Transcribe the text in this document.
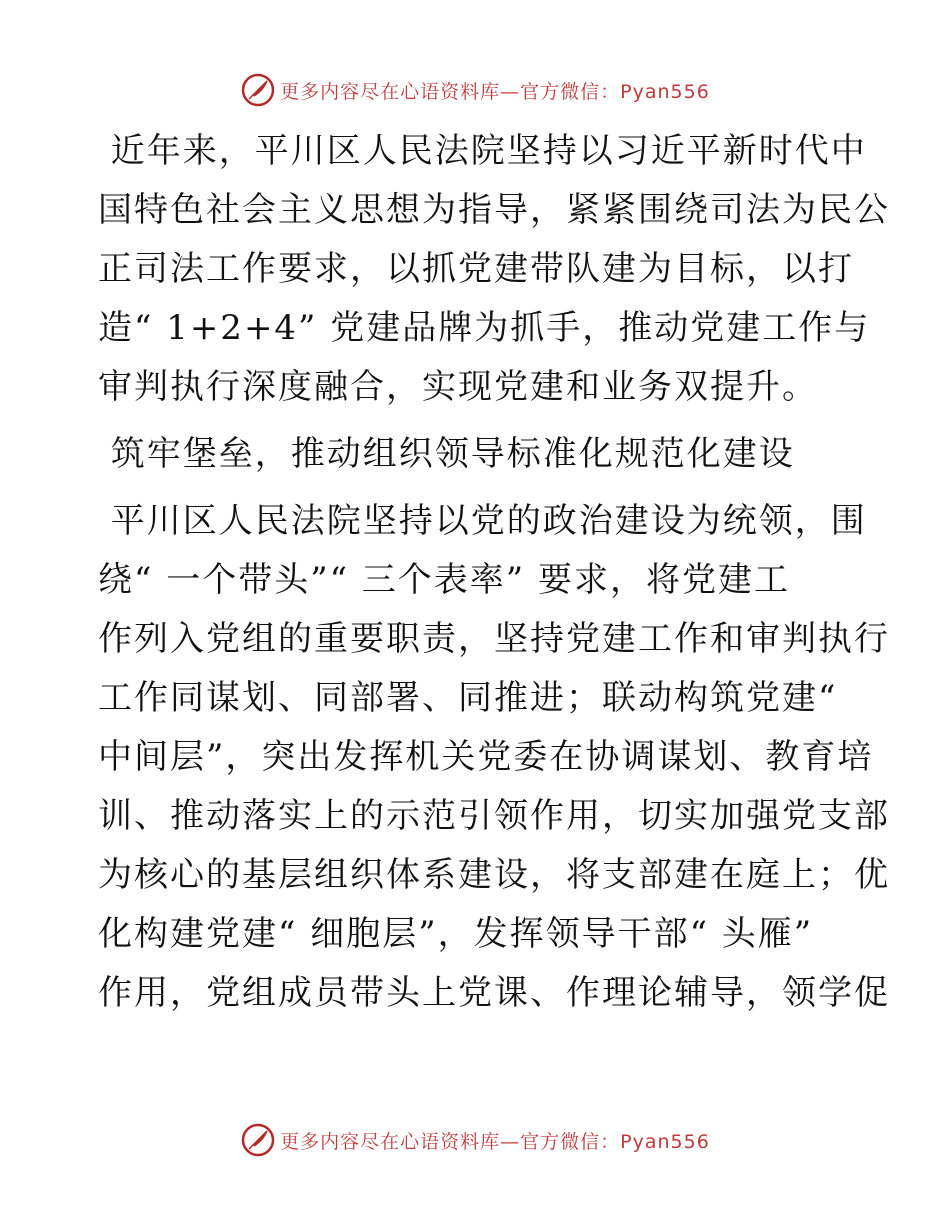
更多内容尽在心语资料库— 官方微信：Pyan556
近年来，平川区人民法院坚持以习近平新时代中
国特色社会主义思想为指导，紧紧围绕司法为民公
正司法工作要求，以抓党建带队建为目标，以打
造“ 1+2+4” 党建品牌为抓手，推动党建工作与
审判执行深度融合，实现党建和业务双提升。
筑牢堡垒，推动组织领导标准化规范化建设
平川区人民法院坚持以党的政治建设为统领，围
绕“ 一个带头”“ 三个表率” 要求，将党建工
作列入党组的重要职责，坚持党建工作和审判执行
工作同谋划、同部署、同推进；联动构筑党建“
中间层”，突出发挥机关党委在协调谋划、教育培
训、推动落实上的示范引领作用，切实加强党支部
为核心的基层组织体系建设，将支部建在庭上；优
化构建党建“ 细胞层”，发挥领导干部“ 头雁”
作用，党组成员带头上党课、作理论辅导，领学促
更多内容尽在心语资料库— 官方微信：Pyan556
